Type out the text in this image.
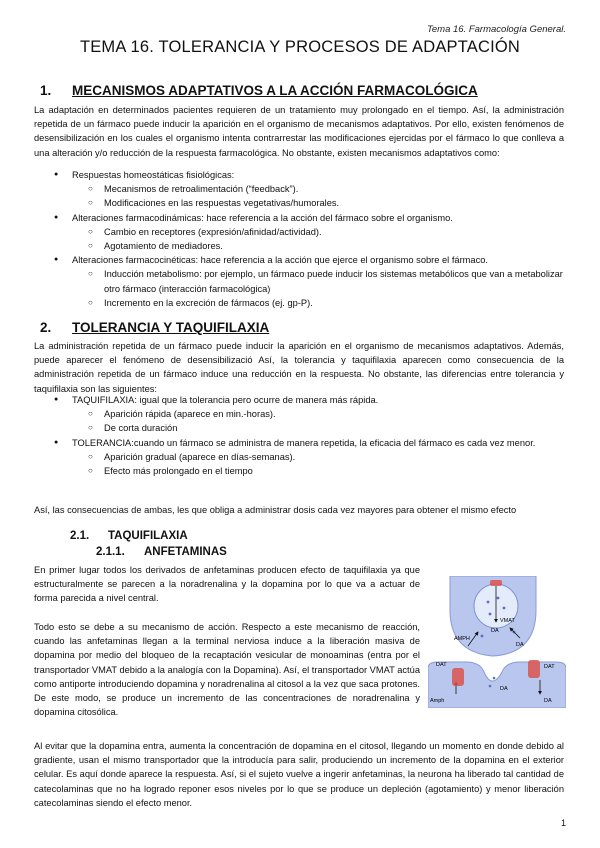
Tema 16. Farmacología General.
TEMA 16. TOLERANCIA Y PROCESOS DE ADAPTACIÓN
1. MECANISMOS ADAPTATIVOS A LA ACCIÓN FARMACOLÓGICA
La adaptación en determinados pacientes requieren de un tratamiento muy prolongado en el tiempo. Así, la administración repetida de un fármaco puede inducir la aparición en el organismo de mecanismos adaptativos. Por ello, existen fenómenos de desensibilización en los cuales el organismo intenta contrarrestar las modificaciones ejercidas por el fármaco lo que conlleva a una alteración y/o reducción de la respuesta farmacológica. No obstante, existen mecanismos adaptativos como:
● Respuestas homeostáticas fisiológicas:
○ Mecanismos de retroalimentación (“feedback”).
○ Modificaciones en las respuestas vegetativas/humorales.
● Alteraciones farmacodinámicas: hace referencia a la acción del fármaco sobre el organismo.
○ Cambio en receptores (expresión/afinidad/actividad).
○ Agotamiento de mediadores.
● Alteraciones farmacocinéticas: hace referencia a la acción que ejerce el organismo sobre el fármaco.
○ Inducción metabolismo: por ejemplo, un fármaco puede inducir los sistemas metabólicos que van a metabolizar otro fármaco (interacción farmacológica)
○ Incremento en la excreción de fármacos (ej. gp-P).
2. TOLERANCIA Y TAQUIFILAXIA
La administración repetida de un fármaco puede inducir la aparición en el organismo de mecanismos adaptativos. Además, puede aparecer el fenómeno de desensibilizació Así, la tolerancia y taquifilaxia aparecen como consecuencia de la administración repetida de un fármaco induce una reducción en la respuesta. No obstante, las diferencias entre tolerancia y taquifilaxia son las siguientes:
● TAQUIFILAXIA: igual que la tolerancia pero ocurre de manera más rápida.
○ Aparición rápida (aparece en min.-horas).
○ De corta duración
● TOLERANCIA:cuando un fármaco se administra de manera repetida, la eficacia del fármaco es cada vez menor.
○ Aparición gradual (aparece en días-semanas).
○ Efecto más prolongado en el tiempo
Así, las consecuencias de ambas, les que obliga a administrar dosis cada vez mayores para obtener el mismo efecto
2.1. TAQUIFILAXIA
2.1.1. ANFETAMINAS
En primer lugar todos los derivados de anfetaminas producen efecto de taquifilaxia ya que estructuralmente se parecen a la noradrenalina y la dopamina por lo que va a actuar de forma parecida a nivel central.
Todo esto se debe a su mecanismo de acción. Respecto a este mecanismo de reacción, cuando las anfetaminas llegan a la terminal nerviosa induce a la liberación masiva de dopamina por medio del bloqueo de la recaptación vesicular de monoaminas (entra por el transportador VMAT debido a la analogía con la Dopamina). Así, el transportador VMAT actúa como antiporte introduciendo dopamina y noradrenalina al citosol a la vez que saca protones. De este modo, se produce un incremento de las concentraciones de noradrenalina y dopamina citosólica.
Al evitar que la dopamina entra, aumenta la concentración de dopamina en el citosol, llegando un momento en donde debido al gradiente, usan el mismo transportador que la introducía para salir, produciendo un incremento de la dopamina en el exterior celular. Es aquí donde aparece la respuesta. Así, si el sujeto vuelve a ingerir anfetaminas, la neurona ha liberado tal cantidad de catecolaminas que no ha logrado reponer esos niveles por lo que se produce un depleción (agotamiento) y menor liberación catecolaminas siendo el efecto menor.
VMAT
DA
AMPH
DA
DAT	DAT
Amph
DA
DA
1
